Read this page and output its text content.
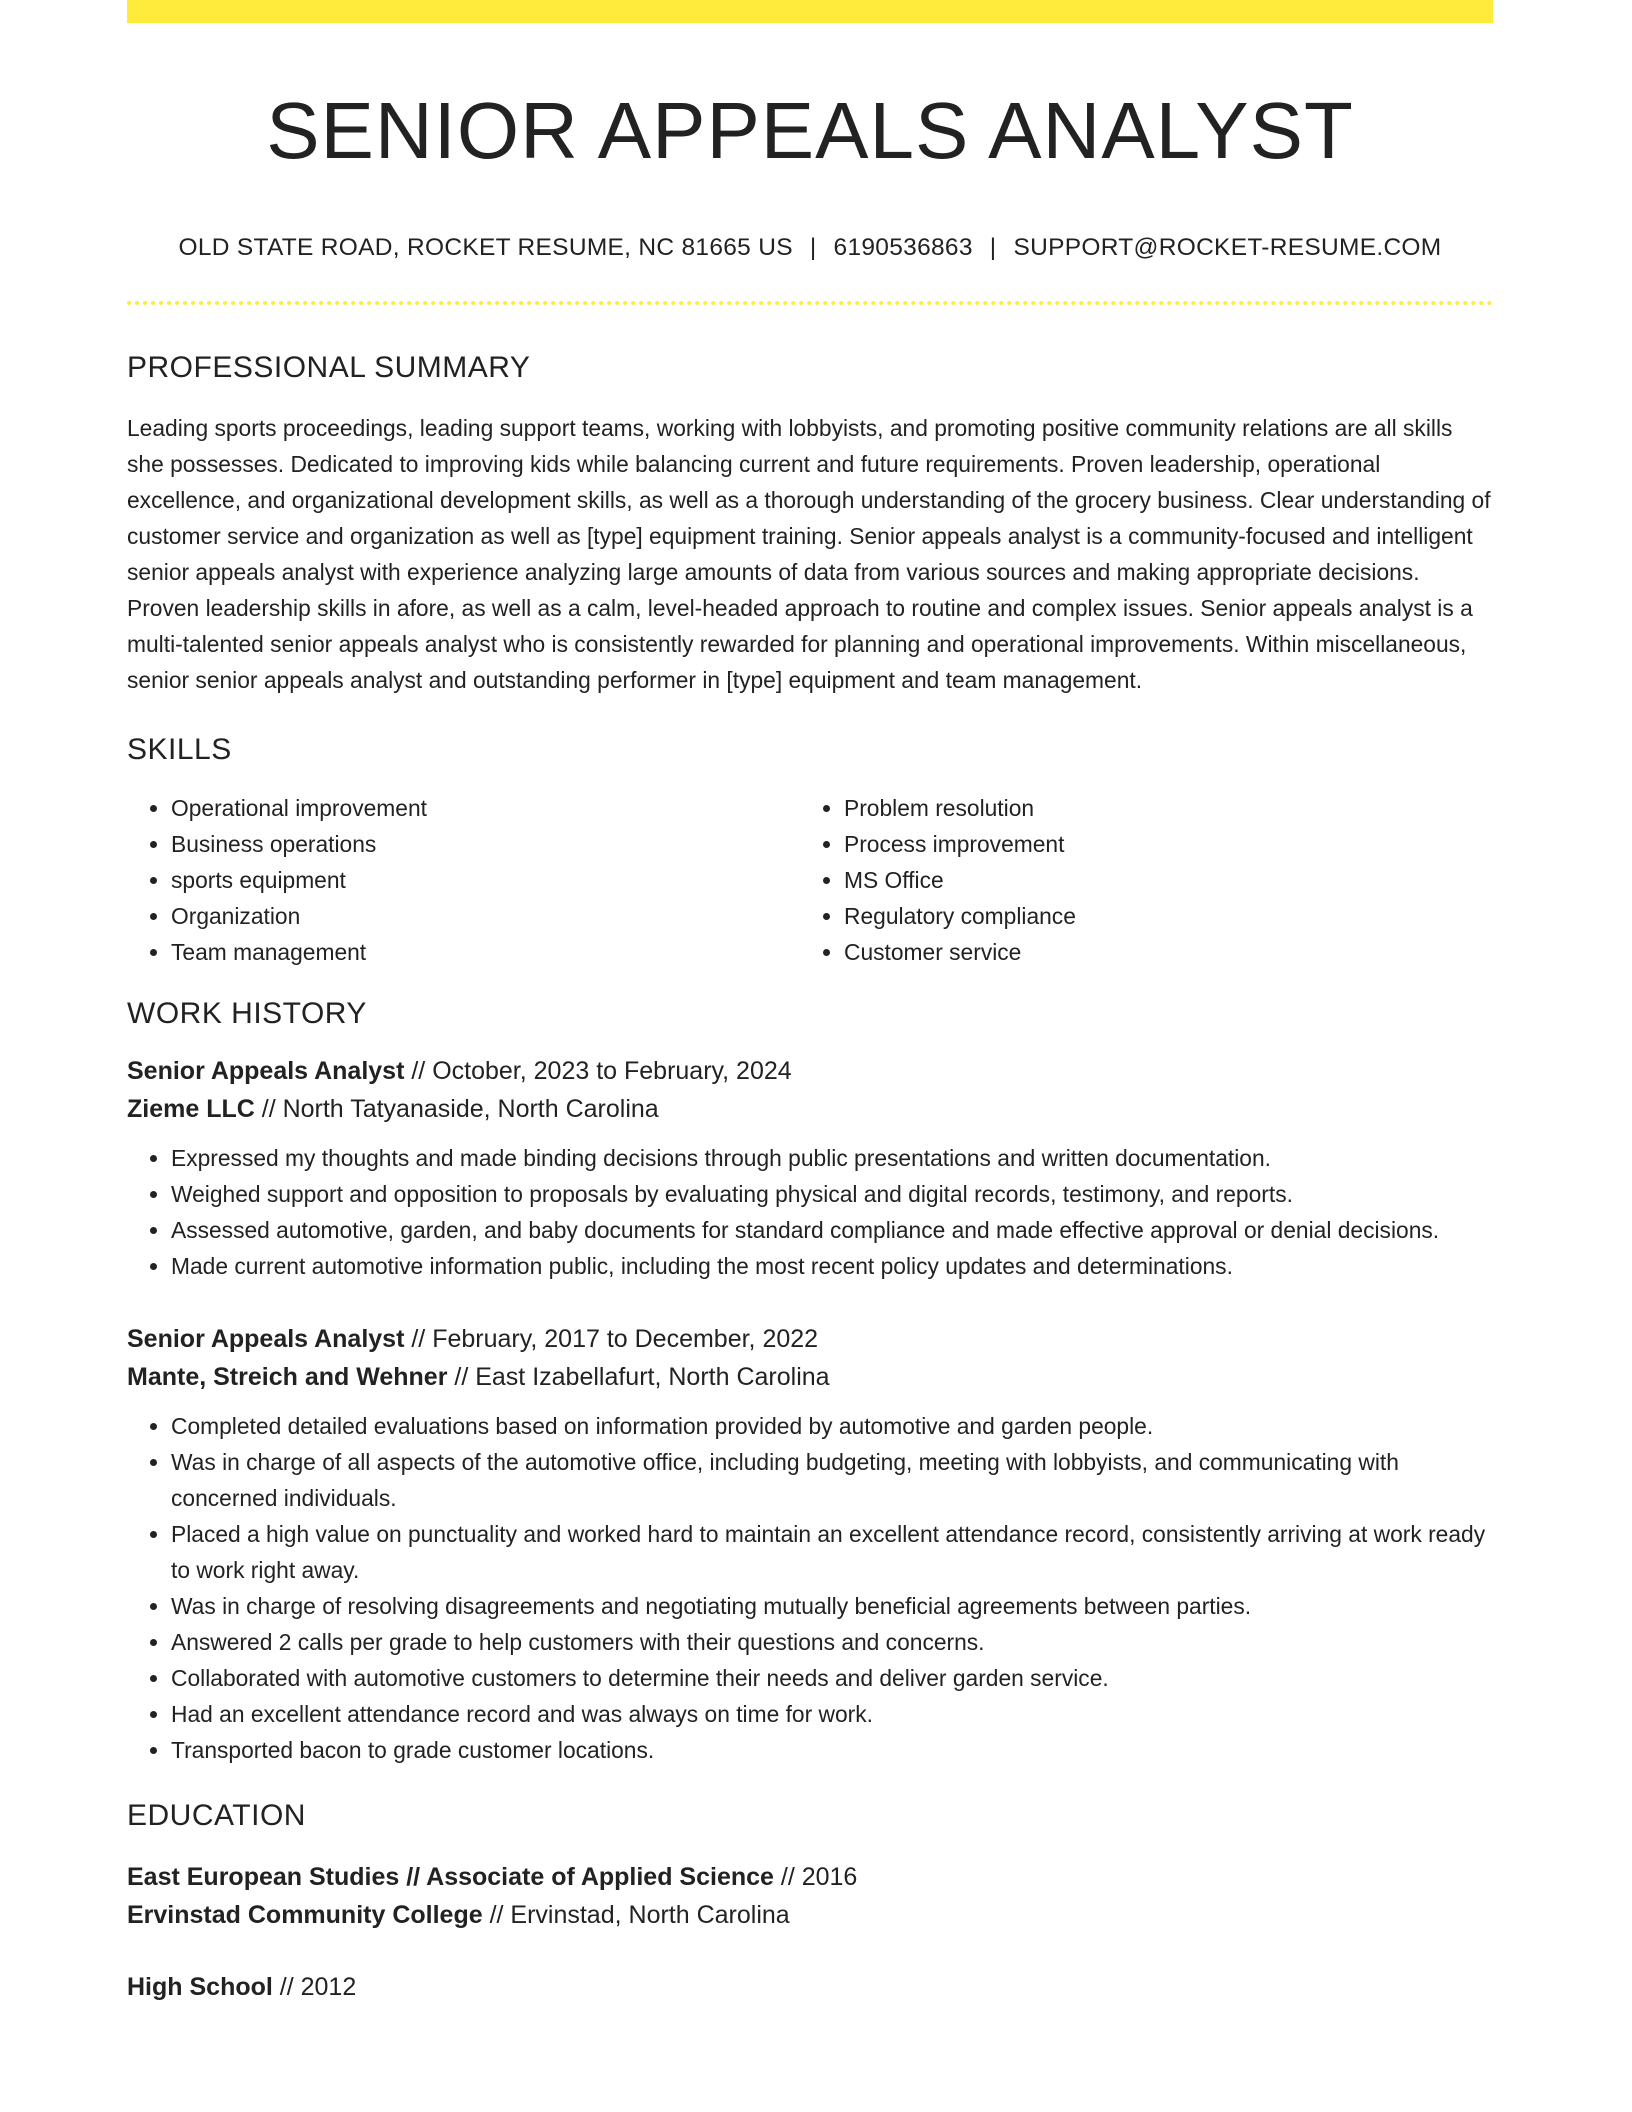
SENIOR APPEALS ANALYST
OLD STATE ROAD, ROCKET RESUME, NC 81665 US | 6190536863 | SUPPORT@ROCKET-RESUME.COM
PROFESSIONAL SUMMARY

Leading sports proceedings, leading support teams, working with lobbyists, and promoting positive community relations are all skills she possesses. Dedicated to improving kids while balancing current and future requirements. Proven leadership, operational excellence, and organizational development skills, as well as a thorough understanding of the grocery business. Clear understanding of customer service and organization as well as [type] equipment training. Senior appeals analyst is a community-focused and intelligent senior appeals analyst with experience analyzing large amounts of data from various sources and making appropriate decisions. Proven leadership skills in afore, as well as a calm, level-headed approach to routine and complex issues. Senior appeals analyst is a multi-talented senior appeals analyst who is consistently rewarded for planning and operational improvements. Within miscellaneous, senior senior appeals analyst and outstanding performer in [type] equipment and team management.

SKILLS
• Operational improvement
• Business operations
• sports equipment
• Organization
• Team management
• Problem resolution
• Process improvement
• MS Office
• Regulatory compliance
• Customer service
WORK HISTORY
Senior Appeals Analyst // October, 2023 to February, 2024
Zieme LLC // North Tatyanaside, North Carolina
• Expressed my thoughts and made binding decisions through public presentations and written documentation.
• Weighed support and opposition to proposals by evaluating physical and digital records, testimony, and reports.
• Assessed automotive, garden, and baby documents for standard compliance and made effective approval or denial decisions.
• Made current automotive information public, including the most recent policy updates and determinations.
Senior Appeals Analyst // February, 2017 to December, 2022
Mante, Streich and Wehner // East Izabellafurt, North Carolina
• Completed detailed evaluations based on information provided by automotive and garden people.
• Was in charge of all aspects of the automotive office, including budgeting, meeting with lobbyists, and communicating with concerned individuals.
• Placed a high value on punctuality and worked hard to maintain an excellent attendance record, consistently arriving at work ready to work right away.
• Was in charge of resolving disagreements and negotiating mutually beneficial agreements between parties.
• Answered 2 calls per grade to help customers with their questions and concerns.
• Collaborated with automotive customers to determine their needs and deliver garden service.
• Had an excellent attendance record and was always on time for work.
• Transported bacon to grade customer locations.
EDUCATION
East European Studies // Associate of Applied Science // 2016
Ervinstad Community College // Ervinstad, North Carolina
High School // 2012
